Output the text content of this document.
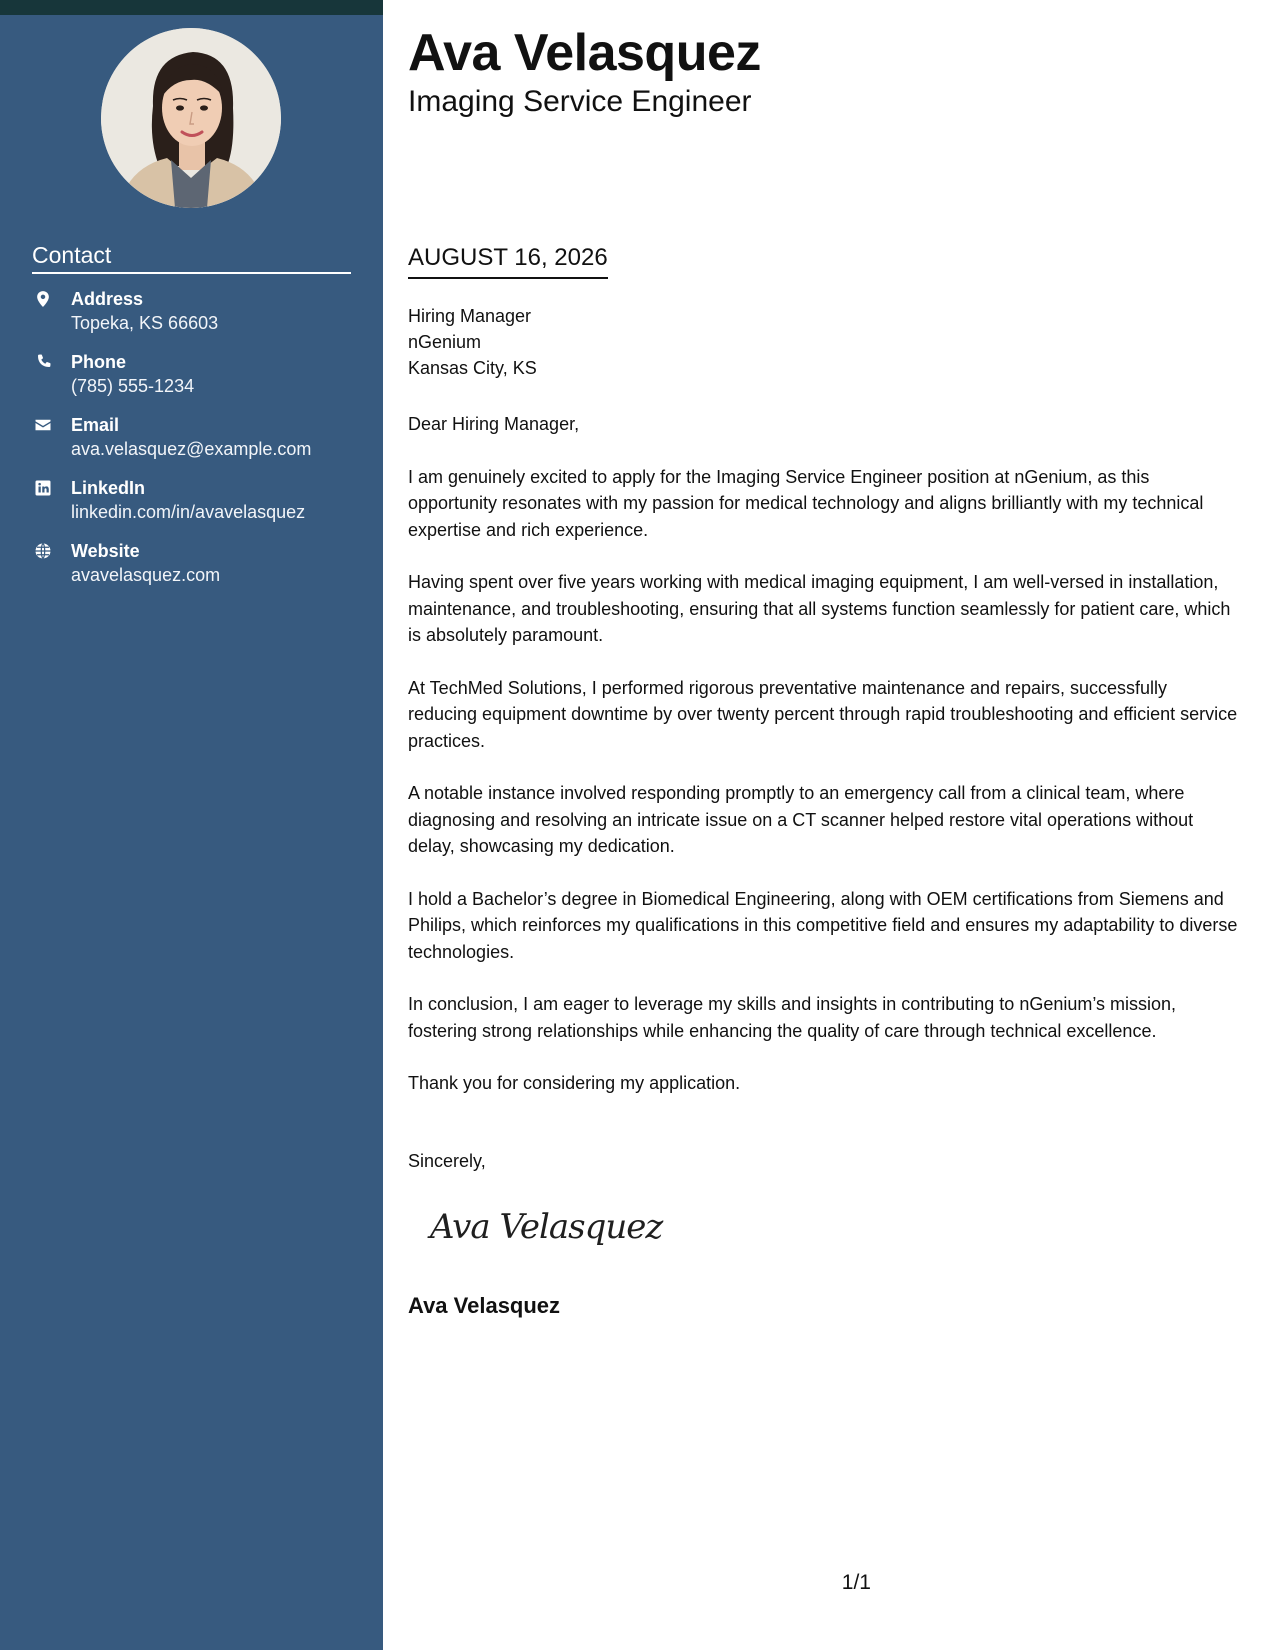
Contact
Address
Topeka, KS 66603
Phone
(785) 555-1234
Email
ava.velasquez@example.com
LinkedIn
linkedin.com/in/avavelasquez
Website
avavelasquez.com
Ava Velasquez
Imaging Service Engineer
AUGUST 16, 2026
Hiring Manager
nGenium
Kansas City, KS

Dear Hiring Manager,

I am genuinely excited to apply for the Imaging Service Engineer position at nGenium, as this opportunity resonates with my passion for medical technology and aligns brilliantly with my technical expertise and rich experience.

Having spent over five years working with medical imaging equipment, I am well-versed in installation, maintenance, and troubleshooting, ensuring that all systems function seamlessly for patient care, which is absolutely paramount.

At TechMed Solutions, I performed rigorous preventative maintenance and repairs, successfully reducing equipment downtime by over twenty percent through rapid troubleshooting and efficient service practices.

A notable instance involved responding promptly to an emergency call from a clinical team, where diagnosing and resolving an intricate issue on a CT scanner helped restore vital operations without delay, showcasing my dedication.

I hold a Bachelor’s degree in Biomedical Engineering, along with OEM certifications from Siemens and Philips, which reinforces my qualifications in this competitive field and ensures my adaptability to diverse technologies.

In conclusion, I am eager to leverage my skills and insights in contributing to nGenium’s mission, fostering strong relationships while enhancing the quality of care through technical excellence.

Thank you for considering my application.

Sincerely,
Ava Velasquez
Ava Velasquez
1/1
